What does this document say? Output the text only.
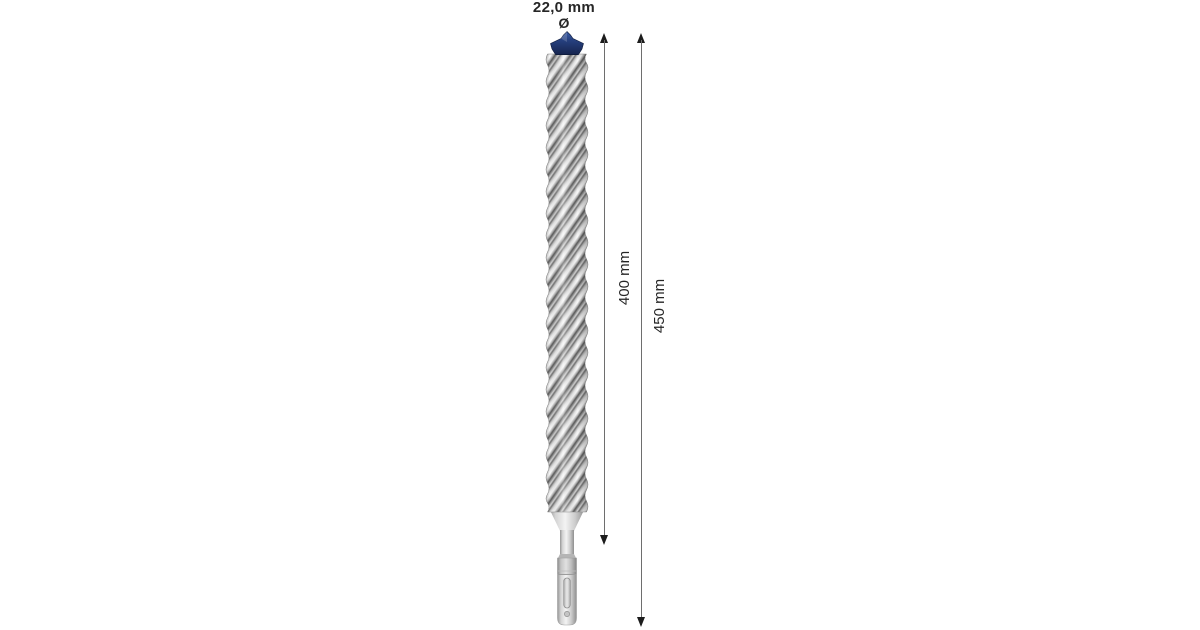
22,0 mm
Ø
400 mm
450 mm
